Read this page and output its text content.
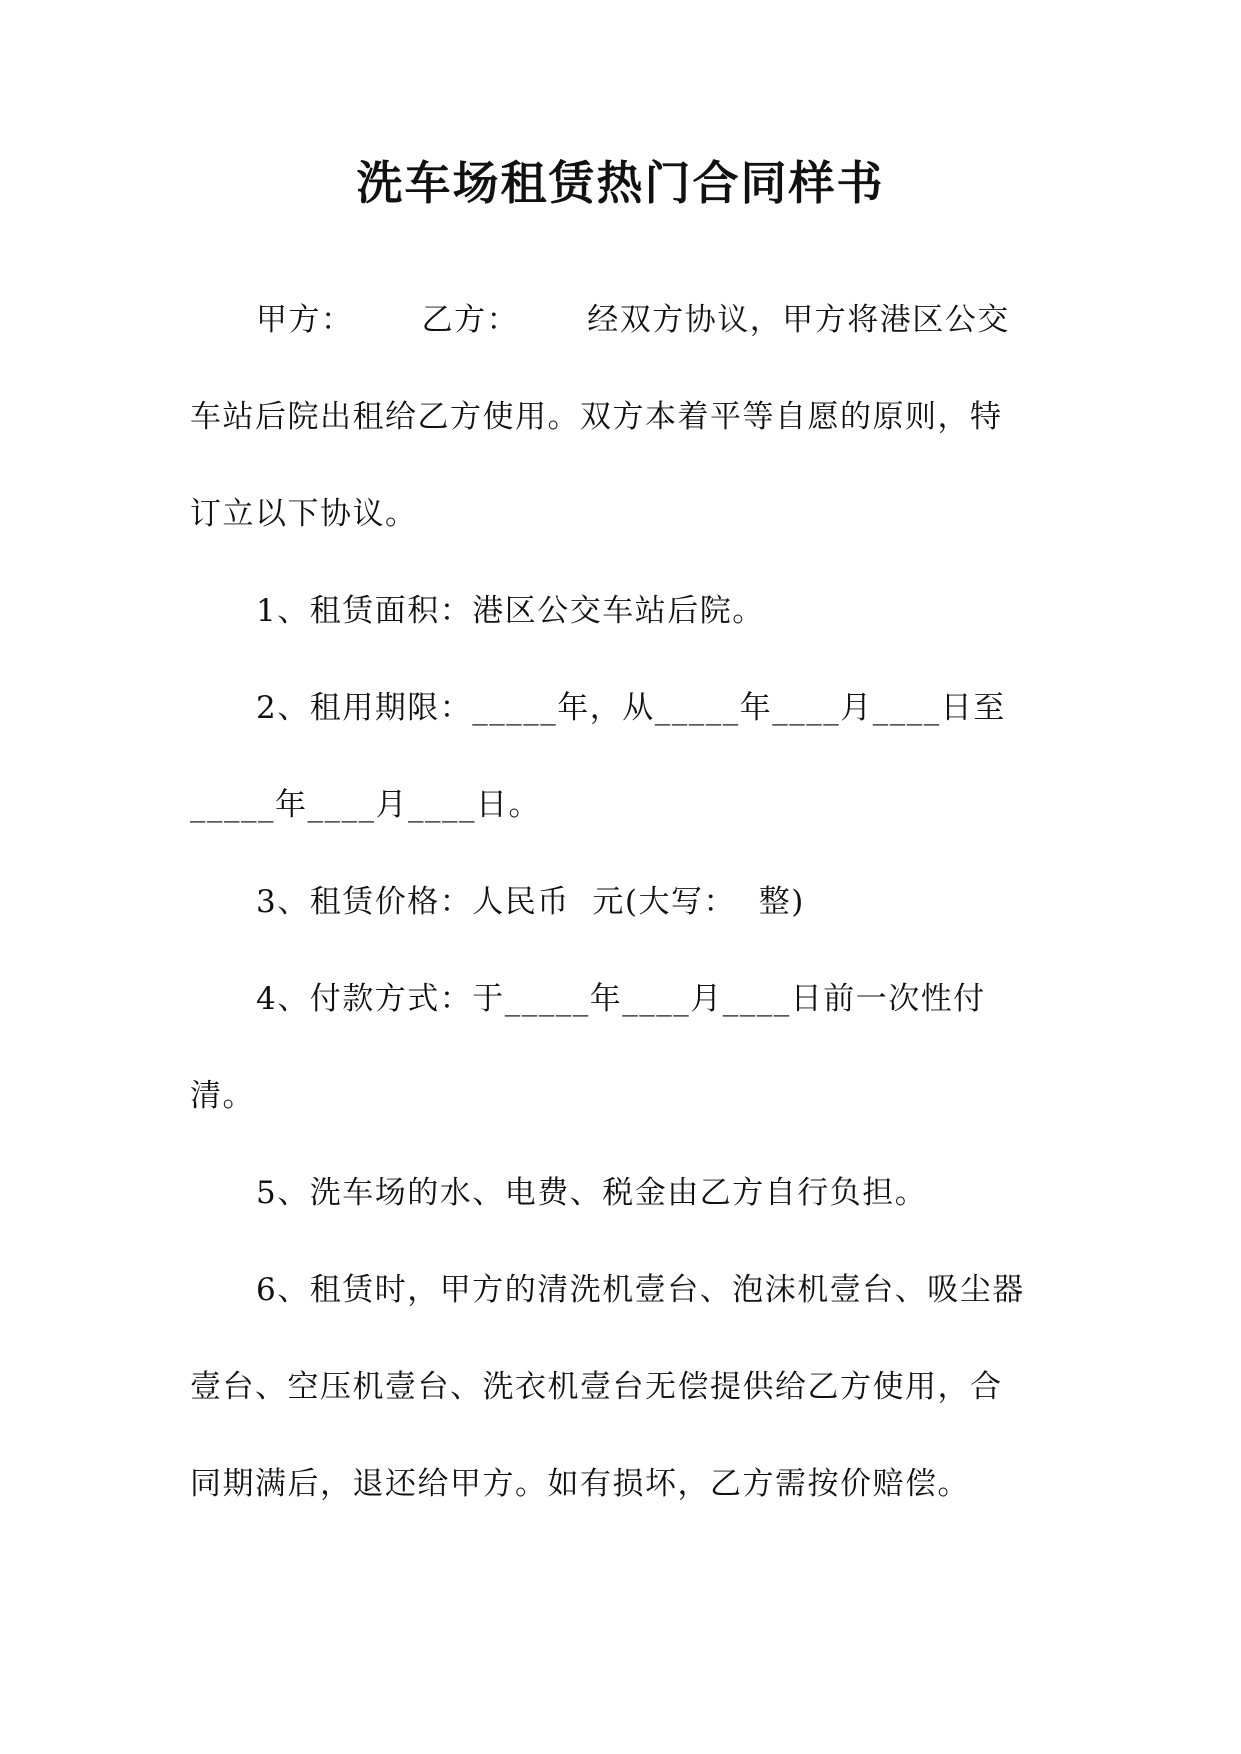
洗车场租赁热门合同样书
甲方：      乙方：      经双方协议，甲方将港区公交
车站后院出租给乙方使用。双方本着平等自愿的原则，特
订立以下协议。
1、租赁面积：港区公交车站后院。
2、租用期限：_____年，从_____年____月____日至
_____年____月____日。
3、租赁价格：人民币  元(大写：  整)
4、付款方式：于_____年____月____日前一次性付
清。
5、洗车场的水、电费、税金由乙方自行负担。
6、租赁时，甲方的清洗机壹台、泡沫机壹台、吸尘器
壹台、空压机壹台、洗衣机壹台无偿提供给乙方使用，合
同期满后，退还给甲方。如有损坏，乙方需按价赔偿。
